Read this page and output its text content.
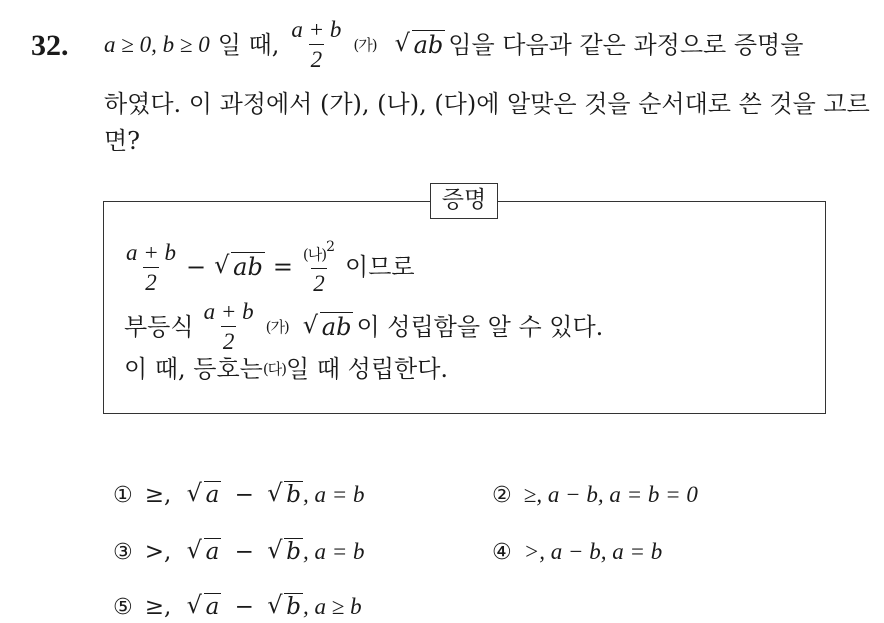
32. a ≥ 0, b ≥ 0 일 때, $\frac{a + b}{2}$ (가) √ ab 임을 다음과 같은 과정으로 증명을
하였다. 이 과정에서 (가), (나), (다)에 알맞은 것을 순서대로 쓴 것을 고르
면?
증명
$\frac{a + b}{2}$ − √ ab = $\frac{(나)^2}{2}$ 이므로
부등식 $\frac{a + b}{2}$ (가) √ ab 이 성립함을 알 수 있다.
이 때, 등호는(다)일 때 성립한다.
① ≥, √ a − √ b, a = b	② ≥, a − b, a = b = 0
③ >, √ a − √ b, a = b	④ >, a − b, a = b
⑤ ≥, √ a − √ b, a ≥ b
